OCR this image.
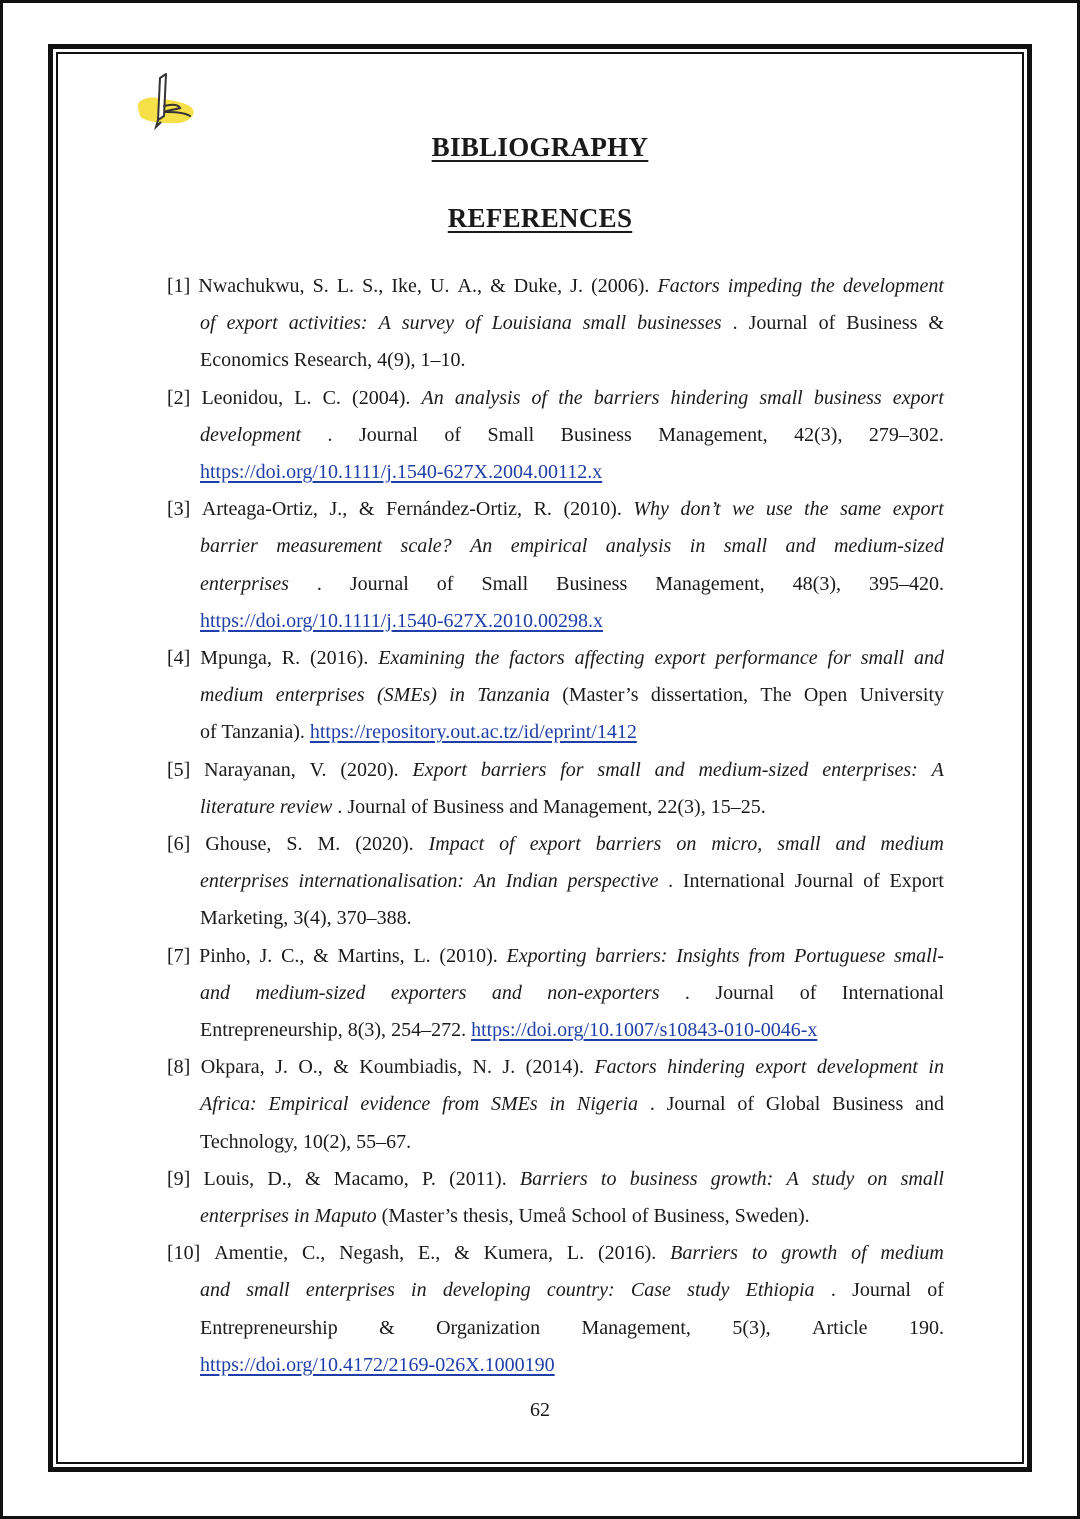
BIBLIOGRAPHY
REFERENCES
[1] Nwachukwu, S. L. S., Ike, U. A., & Duke, J. (2006). Factors impeding the development
of export activities: A survey of Louisiana small businesses . Journal of Business &
Economics Research, 4(9), 1–10.
[2] Leonidou, L. C. (2004). An analysis of the barriers hindering small business export
development . Journal of Small Business Management, 42(3), 279–302.
https://doi.org/10.1111/j.1540-627X.2004.00112.x
[3] Arteaga-Ortiz, J., & Fernández-Ortiz, R. (2010). Why don’t we use the same export
barrier measurement scale? An empirical analysis in small and medium-sized
enterprises . Journal of Small Business Management, 48(3), 395–420.
https://doi.org/10.1111/j.1540-627X.2010.00298.x
[4] Mpunga, R. (2016). Examining the factors affecting export performance for small and
medium enterprises (SMEs) in Tanzania (Master’s dissertation, The Open University
of Tanzania). https://repository.out.ac.tz/id/eprint/1412
[5] Narayanan, V. (2020). Export barriers for small and medium-sized enterprises: A
literature review . Journal of Business and Management, 22(3), 15–25.
[6] Ghouse, S. M. (2020). Impact of export barriers on micro, small and medium
enterprises internationalisation: An Indian perspective . International Journal of Export
Marketing, 3(4), 370–388.
[7] Pinho, J. C., & Martins, L. (2010). Exporting barriers: Insights from Portuguese small-
and medium-sized exporters and non-exporters . Journal of International
Entrepreneurship, 8(3), 254–272. https://doi.org/10.1007/s10843-010-0046-x
[8] Okpara, J. O., & Koumbiadis, N. J. (2014). Factors hindering export development in
Africa: Empirical evidence from SMEs in Nigeria . Journal of Global Business and
Technology, 10(2), 55–67.
[9] Louis, D., & Macamo, P. (2011). Barriers to business growth: A study on small
enterprises in Maputo (Master’s thesis, Umeå School of Business, Sweden).
[10] Amentie, C., Negash, E., & Kumera, L. (2016). Barriers to growth of medium
and small enterprises in developing country: Case study Ethiopia . Journal of
Entrepreneurship & Organization Management, 5(3), Article 190.
https://doi.org/10.4172/2169-026X.1000190
62
